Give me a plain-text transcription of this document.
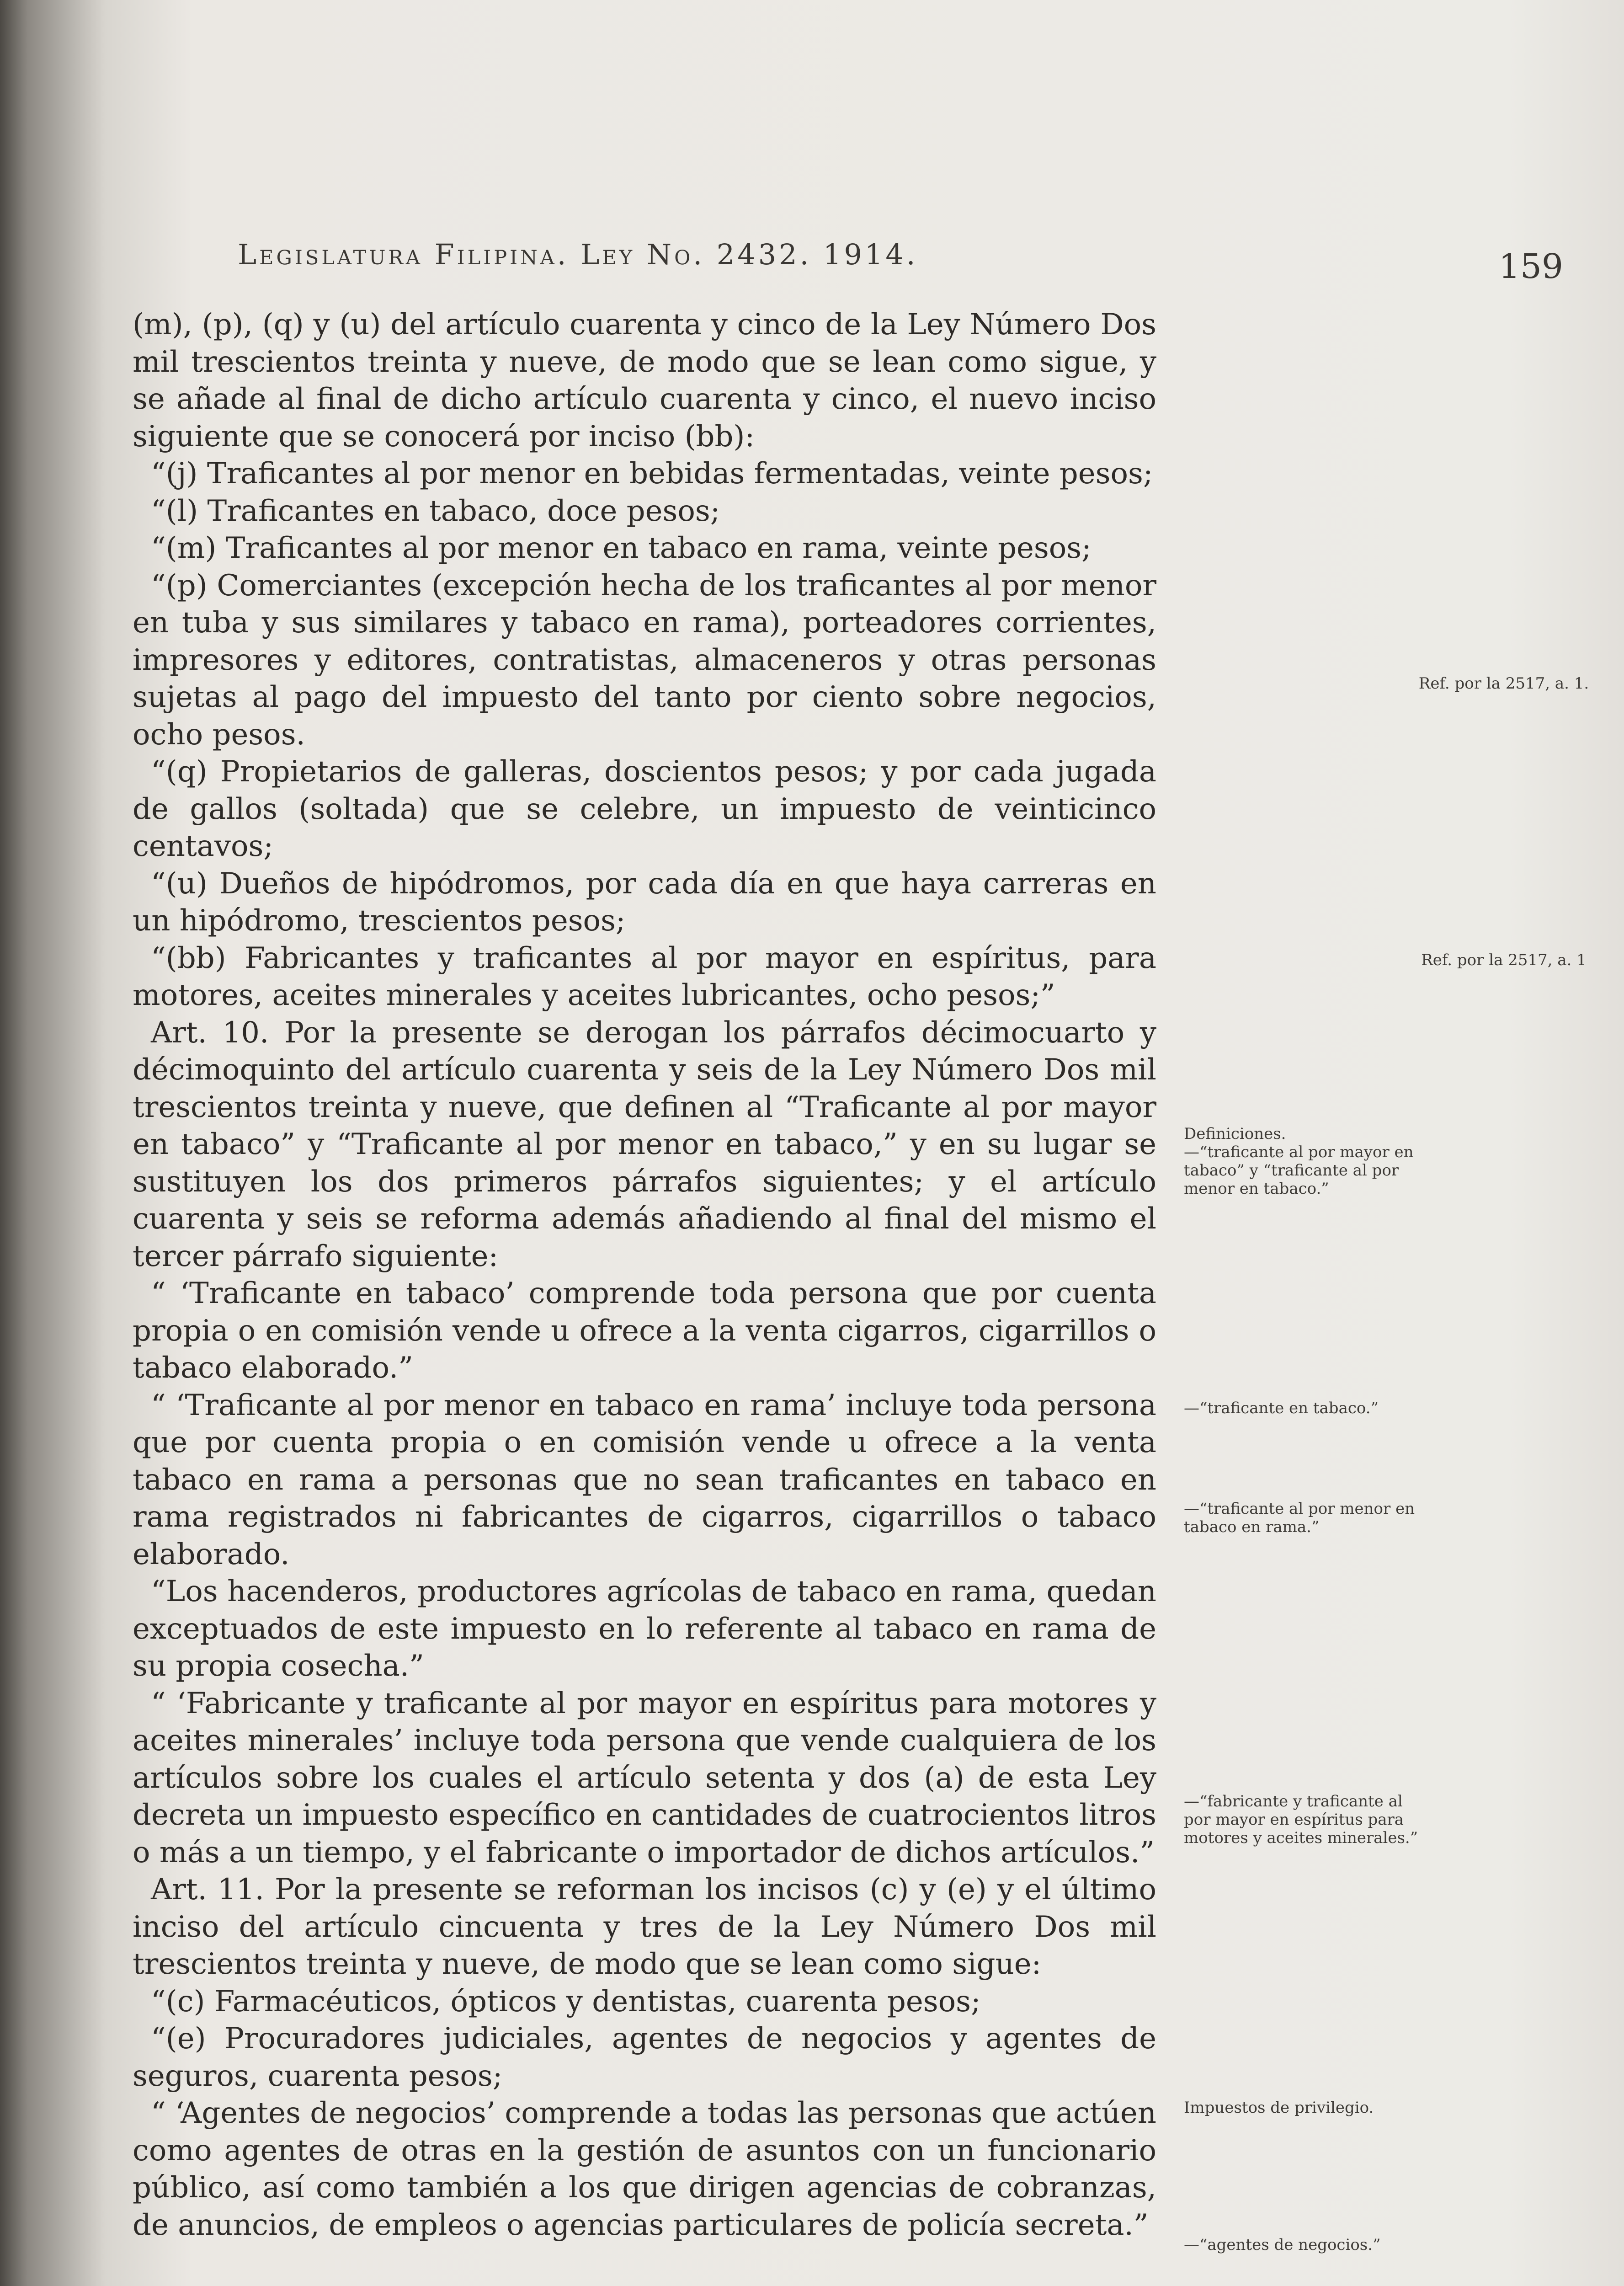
Legislatura Filipina. Ley No. 2432. 1914.	159

(m), (p), (q) y (u) del artículo cuarenta y cinco de la Ley Número Dos mil trescientos treinta y nueve, de modo que se lean como sigue, y se añade al final de dicho artículo cuarenta y cinco, el nuevo inciso siguiente que se conocerá por inciso (bb):

“(j) Traficantes al por menor en bebidas fermentadas, veinte pesos;

“(l) Traficantes en tabaco, doce pesos;

“(m) Traficantes al por menor en tabaco en rama, veinte pesos;

“(p) Comerciantes (excepción hecha de los traficantes al por menor en tuba y sus similares y tabaco en rama), porteadores corrientes, impresores y editores, contratistas, almaceneros y otras personas sujetas al pago del impuesto del tanto por ciento sobre negocios, ocho pesos.

“(q) Propietarios de galleras, doscientos pesos; y por cada jugada de gallos (soltada) que se celebre, un impuesto de veinticinco centavos;

“(u) Dueños de hipódromos, por cada día en que haya carreras en un hipódromo, trescientos pesos;

“(bb) Fabricantes y traficantes al por mayor en espíritus, para motores, aceites minerales y aceites lubricantes, ocho pesos;”

Art. 10. Por la presente se derogan los párrafos décimocuarto y décimoquinto del artículo cuarenta y seis de la Ley Número Dos mil trescientos treinta y nueve, que definen al “Traficante al por mayor en tabaco” y “Traficante al por menor en tabaco,” y en su lugar se sustituyen los dos primeros párrafos siguientes; y el artículo cuarenta y seis se reforma además añadiendo al final del mismo el tercer párrafo siguiente:

“ ‘Traficante en tabaco’ comprende toda persona que por cuenta propia o en comisión vende u ofrece a la venta cigarros, cigarrillos o tabaco elaborado.”

“ ‘Traficante al por menor en tabaco en rama’ incluye toda persona que por cuenta propia o en comisión vende u ofrece a la venta tabaco en rama a personas que no sean traficantes en tabaco en rama registrados ni fabricantes de cigarros, cigarrillos o tabaco elaborado.

“Los hacenderos, productores agrícolas de tabaco en rama, quedan exceptuados de este impuesto en lo referente al tabaco en rama de su propia cosecha.”

“ ‘Fabricante y traficante al por mayor en espíritus para motores y aceites minerales’ incluye toda persona que vende cualquiera de los artículos sobre los cuales el artículo setenta y dos (a) de esta Ley decreta un impuesto específico en cantidades de cuatrocientos litros o más a un tiempo, y el fabricante o importador de dichos artículos.”

Art. 11. Por la presente se reforman los incisos (c) y (e) y el último inciso del artículo cincuenta y tres de la Ley Número Dos mil trescientos treinta y nueve, de modo que se lean como sigue:

“(c) Farmacéuticos, ópticos y dentistas, cuarenta pesos;

“(e) Procuradores judiciales, agentes de negocios y agentes de seguros, cuarenta pesos;

“ ‘Agentes de negocios’ comprende a todas las personas que actúen como agentes de otras en la gestión de asuntos con un funcionario público, así como también a los que dirigen agencias de cobranzas, de anuncios, de empleos o agencias particulares de policía secreta.”

Ref. por la 2517, a. 1.
Ref. por la 2517, a. 1
Definiciones.
—“traficante al por mayor en tabaco” y “traficante al por menor en tabaco.”
—“traficante en tabaco.”
—“traficante al por menor en tabaco en rama.”
—“fabricante y traficante al por mayor en espíritus para motores y aceites minerales.”
Impuestos de privilegio.
—“agentes de negocios.”
